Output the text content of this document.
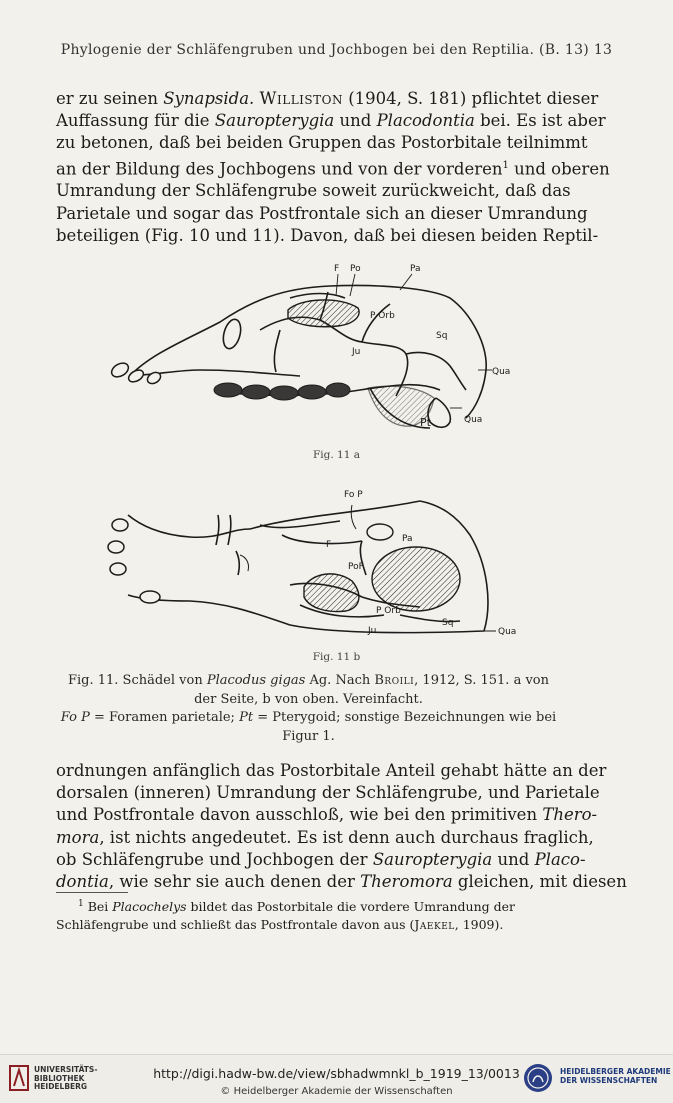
Phylogenie der Schläfengruben und Jochbogen bei den Reptilia. (B. 13) 13
er zu seinen Synapsida. Williston (1904, S. 181) pflichtet dieser
Auffassung für die Sauropterygia und Placodontia bei. Es ist aber
zu betonen, daß bei beiden Gruppen das Postorbitale teilnimmt
an der Bildung des Jochbogens und von der vorderen$^1$ und oberen
Umrandung der Schläfengrube soweit zurückweicht, daß das
Parietale und sogar das Postfrontale sich an dieser Umrandung
beteiligen (Fig. 10 und 11). Davon, daß bei diesen beiden Reptil-
F Po	Pa
P Orb
Sq
Ju
Qua
Qua
Pt
Fig. 11 a
Fo P
F
Pa
PoF
P Orb
Sq
Ju	Qua
Fig. 11 b
Fig. 11. Schädel von Placodus gigas Ag. Nach Broili, 1912, S. 151. a von
der Seite, b von oben. Vereinfacht.
Fo P = Foramen parietale; Pt = Pterygoid; sonstige Bezeichnungen wie bei
Figur 1.
ordnungen anfänglich das Postorbitale Anteil gehabt hätte an der
dorsalen (inneren) Umrandung der Schläfengrube, und Parietale
und Postfrontale davon ausschloß, wie bei den primitiven Thero-
mora, ist nichts angedeutet. Es ist denn auch durchaus fraglich,
ob Schläfengrube und Jochbogen der Sauropterygia und Placo-
dontia, wie sehr sie auch denen der Theromora gleichen, mit diesen
$^1$ Bei Placochelys bildet das Postorbitale die vordere Umrandung der
Schläfengrube und schließt das Postfrontale davon aus (Jaekel, 1909).
UNIVERSITÄTS-
BIBLIOTHEK
HEIDELBERG
http://digi.hadw-bw.de/view/sbhadwmnkl_b_1919_13/0013
© Heidelberger Akademie der Wissenschaften
HEIDELBERGER AKADEMIE
DER WISSENSCHAFTEN
